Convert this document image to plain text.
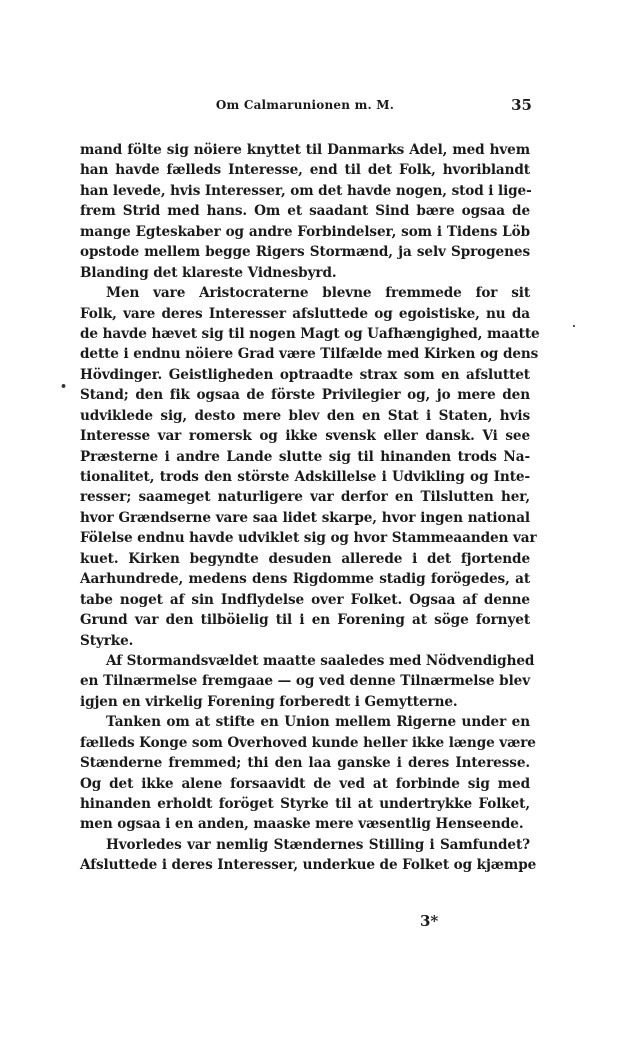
Om Calmarunionen m. M.	35
mand fölte sig nöiere knyttet til Danmarks Adel, med hvem
han havde fælleds Interesse, end til det Folk, hvoriblandt
han levede, hvis Interesser, om det havde nogen, stod i lige-
frem Strid med hans. Om et saadant Sind bære ogsaa de
mange Egteskaber og andre Forbindelser, som i Tidens Löb
opstode mellem begge Rigers Stormænd, ja selv Sprogenes
Blanding det klareste Vidnesbyrd.
Men vare Aristocraterne blevne fremmede for sit
Folk, vare deres Interesser afsluttede og egoistiske, nu da
de havde hævet sig til nogen Magt og Uafhængighed, maatte
dette i endnu nöiere Grad være Tilfælde med Kirken og dens
Hövdinger. Geistligheden optraadte strax som en afsluttet
Stand; den fik ogsaa de förste Privilegier og, jo mere den
udviklede sig, desto mere blev den en Stat i Staten, hvis
Interesse var romersk og ikke svensk eller dansk. Vi see
Præsterne i andre Lande slutte sig til hinanden trods Na-
tionalitet, trods den störste Adskillelse i Udvikling og Inte-
resser; saameget naturligere var derfor en Tilslutten her,
hvor Grændserne vare saa lidet skarpe, hvor ingen national
Fölelse endnu havde udviklet sig og hvor Stammeaanden var
kuet. Kirken begyndte desuden allerede i det fjortende
Aarhundrede, medens dens Rigdomme stadig forögedes, at
tabe noget af sin Indflydelse over Folket. Ogsaa af denne
Grund var den tilböielig til i en Forening at söge fornyet
Styrke.
Af Stormandsvældet maatte saaledes med Nödvendighed
en Tilnærmelse fremgaae — og ved denne Tilnærmelse blev
igjen en virkelig Forening forberedt i Gemytterne.
Tanken om at stifte en Union mellem Rigerne under en
fælleds Konge som Overhoved kunde heller ikke længe være
Stænderne fremmed; thi den laa ganske i deres Interesse.
Og det ikke alene forsaavidt de ved at forbinde sig med
hinanden erholdt foröget Styrke til at undertrykke Folket,
men ogsaa i en anden, maaske mere væsentlig Henseende.
Hvorledes var nemlig Stændernes Stilling i Samfundet?
Afsluttede i deres Interesser, underkue de Folket og kjæmpe
3*
•
·
